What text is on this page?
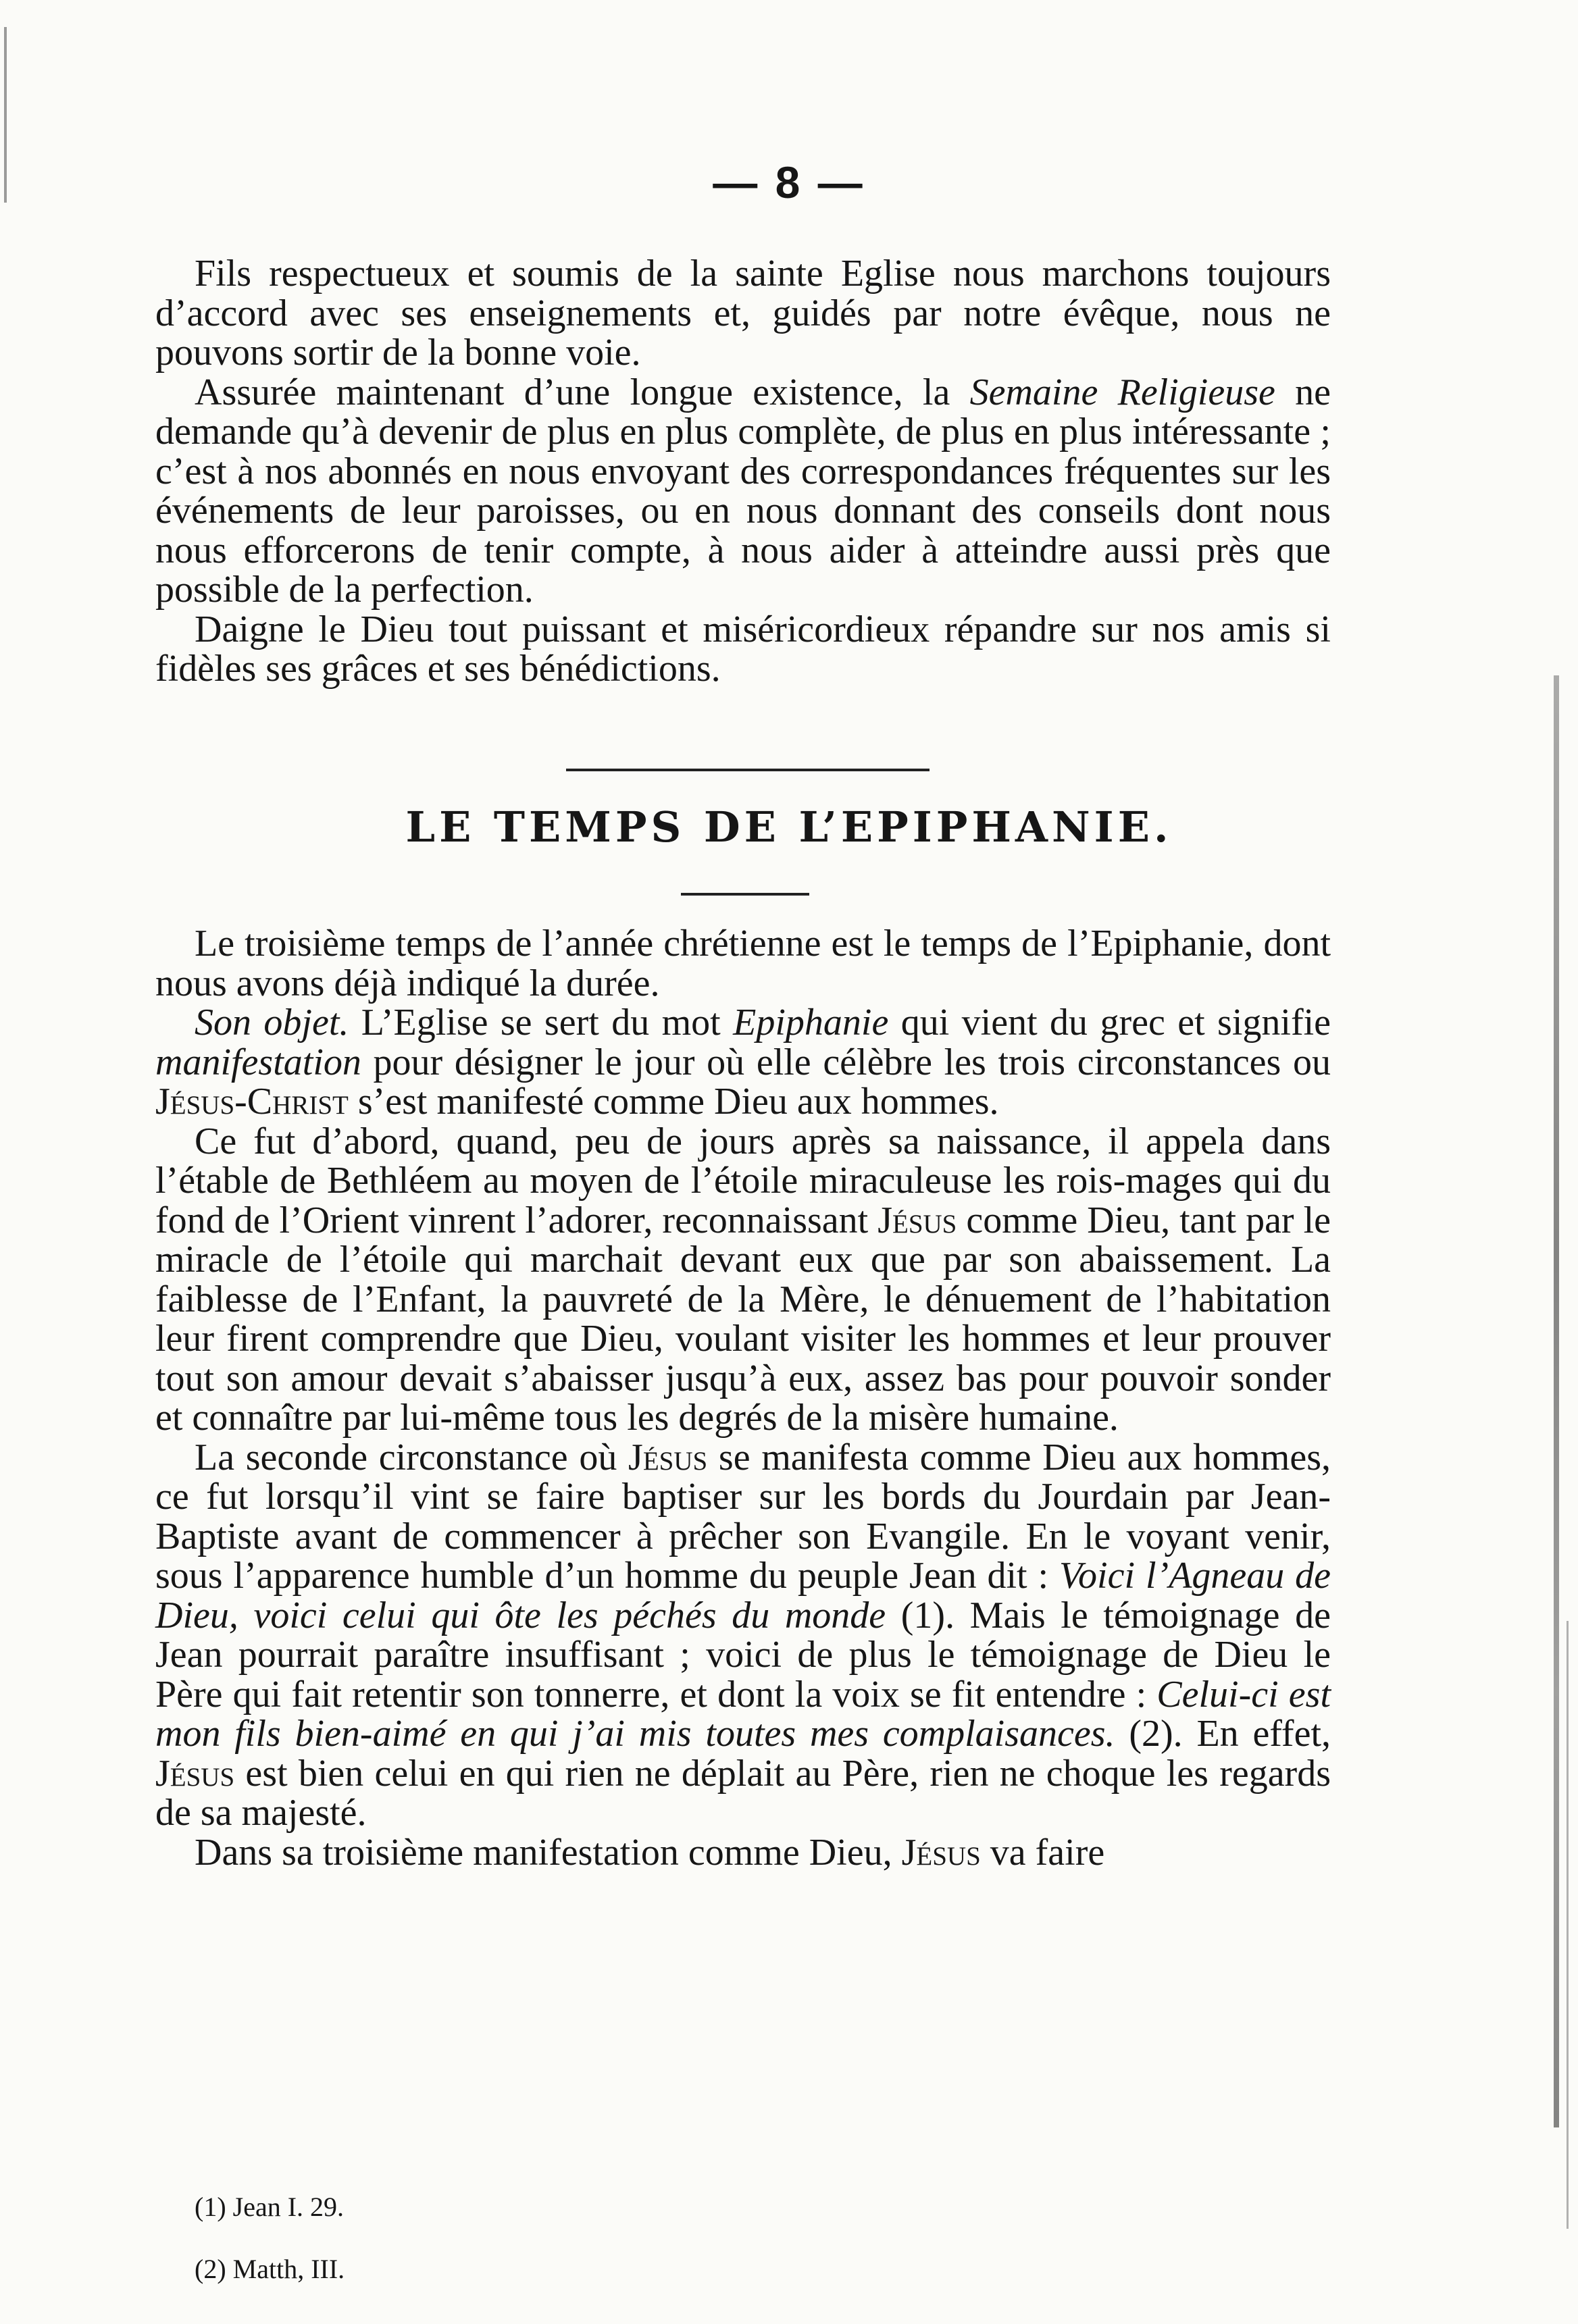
— 8 —

Fils respectueux et soumis de la sainte Eglise nous marchons toujours d’accord avec ses enseignements et, guidés par notre évêque, nous ne pouvons sortir de la bonne voie.

Assurée maintenant d’une longue existence, la Semaine Religieuse ne demande qu’à devenir de plus en plus complète, de plus en plus intéressante ; c’est à nos abonnés en nous envoyant des correspondances fréquentes sur les événements de leur paroisses, ou en nous donnant des conseils dont nous nous efforcerons de tenir compte, à nous aider à atteindre aussi près que possible de la perfection.

Daigne le Dieu tout puissant et miséricordieux répandre sur nos amis si fidèles ses grâces et ses bénédictions.

LE TEMPS DE L’EPIPHANIE.

Le troisième temps de l’année chrétienne est le temps de l’Epiphanie, dont nous avons déjà indiqué la durée.

Son objet. L’Eglise se sert du mot Epiphanie qui vient du grec et signifie manifestation pour désigner le jour où elle célèbre les trois circonstances ou Jésus-Christ s’est manifesté comme Dieu aux hommes.

Ce fut d’abord, quand, peu de jours après sa naissance, il appela dans l’étable de Bethléem au moyen de l’étoile miraculeuse les rois-mages qui du fond de l’Orient vinrent l’adorer, reconnaissant Jésus comme Dieu, tant par le miracle de l’étoile qui marchait devant eux que par son abaissement. La faiblesse de l’Enfant, la pauvreté de la Mère, le dénuement de l’habitation leur firent comprendre que Dieu, voulant visiter les hommes et leur prouver tout son amour devait s’abaisser jusqu’à eux, assez bas pour pouvoir sonder et connaître par lui-même tous les degrés de la misère humaine.

La seconde circonstance où Jésus se manifesta comme Dieu aux hommes, ce fut lorsqu’il vint se faire baptiser sur les bords du Jourdain par Jean-Baptiste avant de commencer à prêcher son Evangile. En le voyant venir, sous l’apparence humble d’un homme du peuple Jean dit : Voici l’Agneau de Dieu, voici celui qui ôte les péchés du monde (1). Mais le témoignage de Jean pourrait paraître insuffisant ; voici de plus le témoignage de Dieu le Père qui fait retentir son tonnerre, et dont la voix se fit entendre : Celui-ci est mon fils bien-aimé en qui j’ai mis toutes mes complaisances. (2). En effet, Jésus est bien celui en qui rien ne déplait au Père, rien ne choque les regards de sa majesté.

Dans sa troisième manifestation comme Dieu, Jésus va faire

(1) Jean I. 29.

(2) Matth, III.
